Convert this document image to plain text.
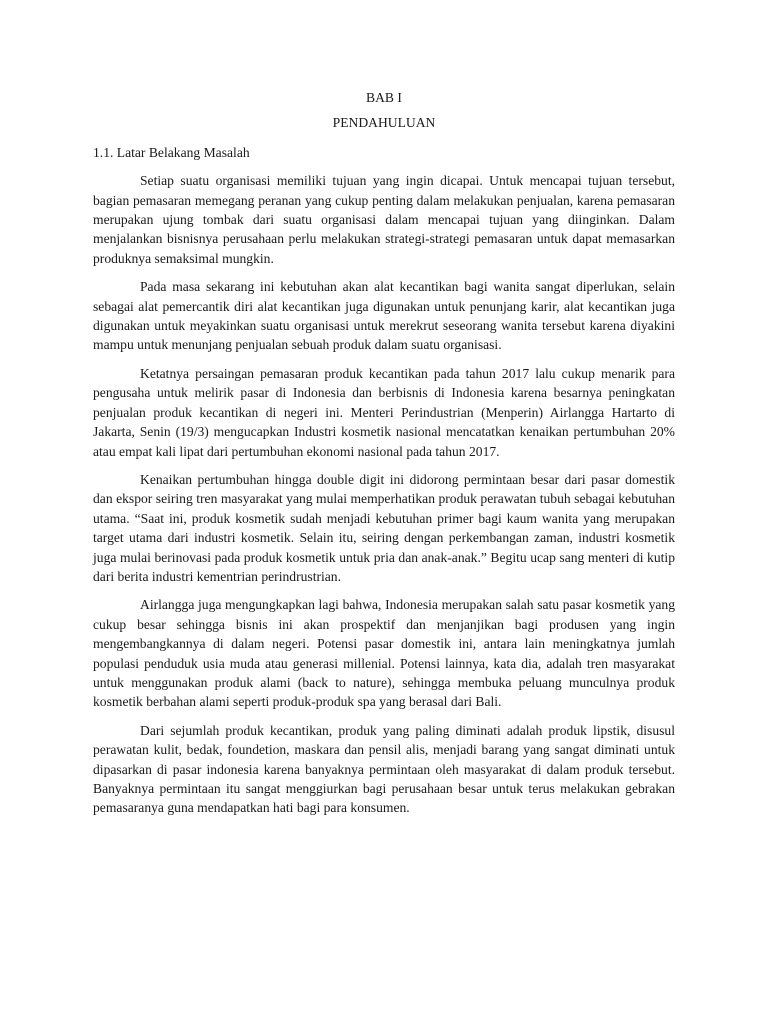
BAB I
PENDAHULUAN
1.1. Latar Belakang Masalah

Setiap suatu organisasi memiliki tujuan yang ingin dicapai. Untuk mencapai tujuan tersebut, bagian pemasaran memegang peranan yang cukup penting dalam melakukan penjualan, karena pemasaran merupakan ujung tombak dari suatu organisasi dalam mencapai tujuan yang diinginkan. Dalam menjalankan bisnisnya perusahaan perlu melakukan strategi-strategi pemasaran untuk dapat memasarkan produknya semaksimal mungkin.

Pada masa sekarang ini kebutuhan akan alat kecantikan bagi wanita sangat diperlukan, selain sebagai alat pemercantik diri alat kecantikan juga digunakan untuk penunjang karir, alat kecantikan juga digunakan untuk meyakinkan suatu organisasi untuk merekrut seseorang wanita tersebut karena diyakini mampu untuk menunjang penjualan sebuah produk dalam suatu organisasi.

Ketatnya persaingan pemasaran produk kecantikan pada tahun 2017 lalu cukup menarik para pengusaha untuk melirik pasar di Indonesia dan berbisnis di Indonesia karena besarnya peningkatan penjualan produk kecantikan di negeri ini. Menteri Perindustrian (Menperin) Airlangga Hartarto di Jakarta, Senin (19/3) mengucapkan Industri kosmetik nasional mencatatkan kenaikan pertumbuhan 20% atau empat kali lipat dari pertumbuhan ekonomi nasional pada tahun 2017.

Kenaikan pertumbuhan hingga double digit ini didorong permintaan besar dari pasar domestik dan ekspor seiring tren masyarakat yang mulai memperhatikan produk perawatan tubuh sebagai kebutuhan utama. “Saat ini, produk kosmetik sudah menjadi kebutuhan primer bagi kaum wanita yang merupakan target utama dari industri kosmetik. Selain itu, seiring dengan perkembangan zaman, industri kosmetik juga mulai berinovasi pada produk kosmetik untuk pria dan anak-anak.” Begitu ucap sang menteri di kutip dari berita industri kementrian perindrustrian.

Airlangga juga mengungkapkan lagi bahwa, Indonesia merupakan salah satu pasar kosmetik yang cukup besar sehingga bisnis ini akan prospektif dan menjanjikan bagi produsen yang ingin mengembangkannya di dalam negeri. Potensi pasar domestik ini, antara lain meningkatnya jumlah populasi penduduk usia muda atau generasi millenial. Potensi lainnya, kata dia, adalah tren masyarakat untuk menggunakan produk alami (back to nature), sehingga membuka peluang munculnya produk kosmetik berbahan alami seperti produk-produk spa yang berasal dari Bali.

Dari sejumlah produk kecantikan, produk yang paling diminati adalah produk lipstik, disusul perawatan kulit, bedak, foundetion, maskara dan pensil alis, menjadi barang yang sangat diminati untuk dipasarkan di pasar indonesia karena banyaknya permintaan oleh masyarakat di dalam produk tersebut. Banyaknya permintaan itu sangat menggiurkan bagi perusahaan besar untuk terus melakukan gebrakan pemasaranya guna mendapatkan hati bagi para konsumen.
